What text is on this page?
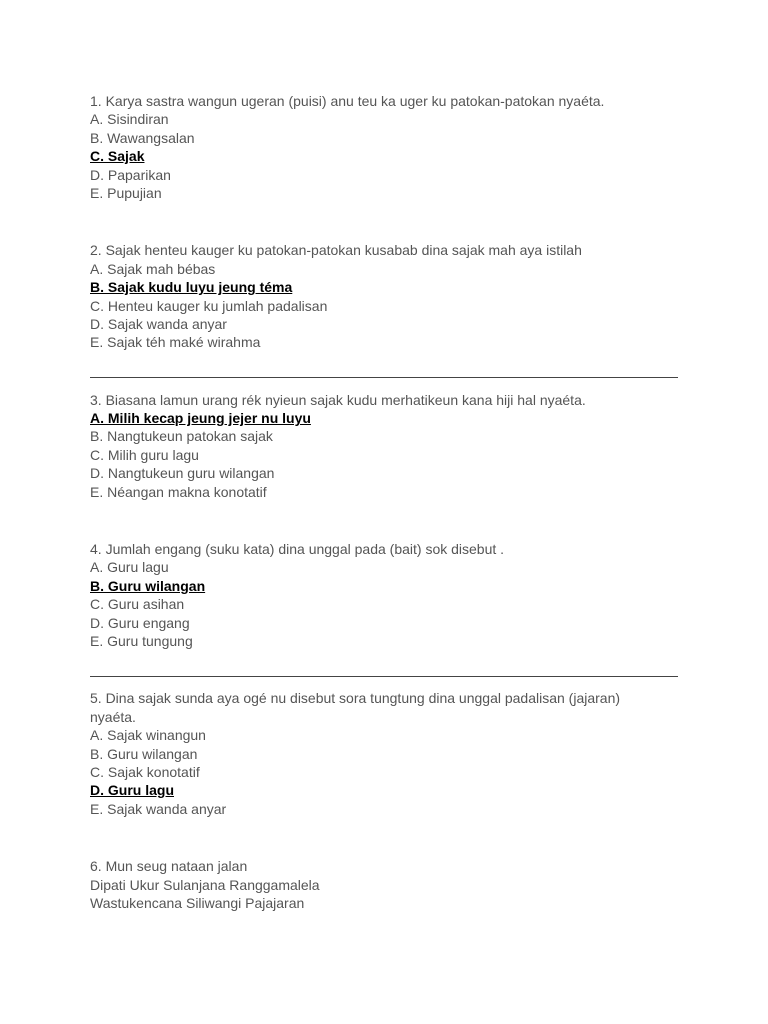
1. Karya sastra wangun ugeran (puisi) anu teu ka uger ku patokan-patokan nyaéta.
A. Sisindiran
B. Wawangsalan
C. Sajak
D. Paparikan
E. Pupujian
2. Sajak henteu kauger ku patokan-patokan kusabab dina sajak mah aya istilah
A. Sajak mah bébas
B. Sajak kudu luyu jeung téma
C. Henteu kauger ku jumlah padalisan
D. Sajak wanda anyar
E. Sajak téh maké wirahma
3. Biasana lamun urang rék nyieun sajak kudu merhatikeun kana hiji hal nyaéta.
A. Milih kecap jeung jejer nu luyu
B. Nangtukeun patokan sajak
C. Milih guru lagu
D. Nangtukeun guru wilangan
E. Néangan makna konotatif
4. Jumlah engang (suku kata) dina unggal pada (bait) sok disebut .
A. Guru lagu
B. Guru wilangan
C. Guru asihan
D. Guru engang
E. Guru tungung
5. Dina sajak sunda aya ogé nu disebut sora tungtung dina unggal padalisan (jajaran)
nyaéta.
A. Sajak winangun
B. Guru wilangan
C. Sajak konotatif
D. Guru lagu
E. Sajak wanda anyar
6. Mun seug nataan jalan
Dipati Ukur Sulanjana Ranggamalela
Wastukencana Siliwangi Pajajaran
